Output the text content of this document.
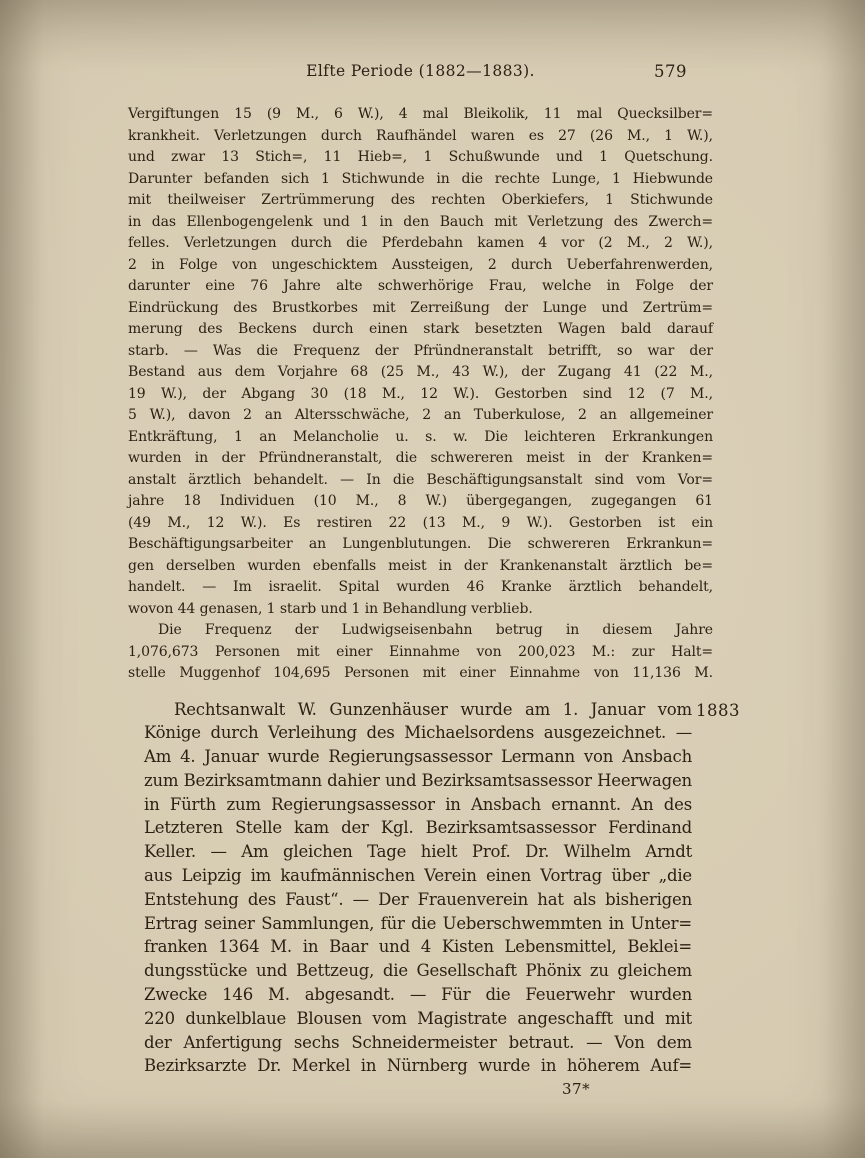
Elfte Periode (1882—1883).	579
Vergiftungen 15 (9 M., 6 W.), 4 mal Bleikolik, 11 mal Quecksilber=
krankheit. Verletzungen durch Raufhändel waren es 27 (26 M., 1 W.),
und zwar 13 Stich=, 11 Hieb=, 1 Schußwunde und 1 Quetschung.
Darunter befanden sich 1 Stichwunde in die rechte Lunge, 1 Hiebwunde
mit theilweiser Zertrümmerung des rechten Oberkiefers, 1 Stichwunde
in das Ellenbogengelenk und 1 in den Bauch mit Verletzung des Zwerch=
felles. Verletzungen durch die Pferdebahn kamen 4 vor (2 M., 2 W.),
2 in Folge von ungeschicktem Aussteigen, 2 durch Ueberfahrenwerden,
darunter eine 76 Jahre alte schwerhörige Frau, welche in Folge der
Eindrückung des Brustkorbes mit Zerreißung der Lunge und Zertrüm=
merung des Beckens durch einen stark besetzten Wagen bald darauf
starb. — Was die Frequenz der Pfründneranstalt betrifft, so war der
Bestand aus dem Vorjahre 68 (25 M., 43 W.), der Zugang 41 (22 M.,
19 W.), der Abgang 30 (18 M., 12 W.). Gestorben sind 12 (7 M.,
5 W.), davon 2 an Altersschwäche, 2 an Tuberkulose, 2 an allgemeiner
Entkräftung, 1 an Melancholie u. s. w. Die leichteren Erkrankungen
wurden in der Pfründneranstalt, die schwereren meist in der Kranken=
anstalt ärztlich behandelt. — In die Beschäftigungsanstalt sind vom Vor=
jahre 18 Individuen (10 M., 8 W.) übergegangen, zugegangen 61
(49 M., 12 W.). Es restiren 22 (13 M., 9 W.). Gestorben ist ein
Beschäftigungsarbeiter an Lungenblutungen. Die schwereren Erkrankun=
gen derselben wurden ebenfalls meist in der Krankenanstalt ärztlich be=
handelt. — Im israelit. Spital wurden 46 Kranke ärztlich behandelt,
wovon 44 genasen, 1 starb und 1 in Behandlung verblieb.
Die Frequenz der Ludwigseisenbahn betrug in diesem Jahre
1,076,673 Personen mit einer Einnahme von 200,023 M.: zur Halt=
stelle Muggenhof 104,695 Personen mit einer Einnahme von 11,136 M.
Rechtsanwalt W. Gunzenhäuser wurde am 1. Januar vom
Könige durch Verleihung des Michaelsordens ausgezeichnet. —
Am 4. Januar wurde Regierungsassessor Lermann von Ansbach
zum Bezirksamtmann dahier und Bezirksamtsassessor Heerwagen
in Fürth zum Regierungsassessor in Ansbach ernannt. An des
Letzteren Stelle kam der Kgl. Bezirksamtsassessor Ferdinand
Keller. — Am gleichen Tage hielt Prof. Dr. Wilhelm Arndt
aus Leipzig im kaufmännischen Verein einen Vortrag über „die
Entstehung des Faust“. — Der Frauenverein hat als bisherigen
Ertrag seiner Sammlungen, für die Ueberschwemmten in Unter=
franken 1364 M. in Baar und 4 Kisten Lebensmittel, Beklei=
dungsstücke und Bettzeug, die Gesellschaft Phönix zu gleichem
Zwecke 146 M. abgesandt. — Für die Feuerwehr wurden
220 dunkelblaue Blousen vom Magistrate angeschafft und mit
der Anfertigung sechs Schneidermeister betraut. — Von dem
Bezirksarzte Dr. Merkel in Nürnberg wurde in höherem Auf=
1883
37*
